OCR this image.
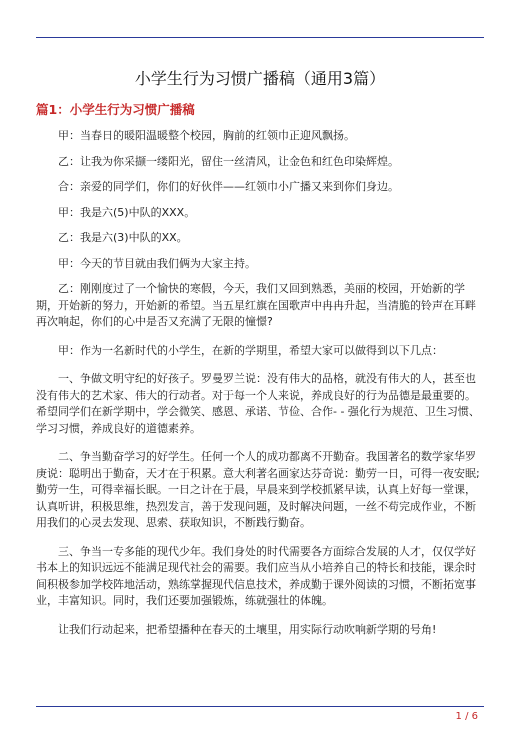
小学生行为习惯广播稿（通用3篇）
篇1：小学生行为习惯广播稿

甲：当春日的暖阳温暖整个校园，胸前的红领巾正迎风飘扬。

乙：让我为你采撷一缕阳光，留住一丝清风，让金色和红色印染辉煌。

合：亲爱的同学们，你们的好伙伴——红领巾小广播又来到你们身边。

甲：我是六(5)中队的XXX。

乙：我是六(3)中队的XX。

甲：今天的节目就由我们俩为大家主持。

乙：刚刚度过了一个愉快的寒假，今天，我们又回到熟悉，美丽的校园，开始新的学期，开始新的努力，开始新的希望。当五星红旗在国歌声中冉冉升起，当清脆的铃声在耳畔再次响起，你们的心中是否又充满了无限的憧憬?

甲：作为一名新时代的小学生，在新的学期里，希望大家可以做得到以下几点：

一、争做文明守纪的好孩子。罗曼罗兰说：没有伟大的品格，就没有伟大的人，甚至也没有伟大的艺术家、伟大的行动者。对于每一个人来说，养成良好的行为品德是最重要的。希望同学们在新学期中，学会微笑、感恩、承诺、节俭、合作- - 强化行为规范、卫生习惯、学习习惯，养成良好的道德素养。

二、争当勤奋学习的好学生。任何一个人的成功都离不开勤奋。我国著名的数学家华罗庚说：聪明出于勤奋，天才在于积累。意大利著名画家达芬奇说：勤劳一日，可得一夜安眠;勤劳一生，可得幸福长眠。一日之计在于晨，早晨来到学校抓紧早读，认真上好每一堂课，认真听讲，积极思维，热烈发言，善于发现问题，及时解决问题，一丝不苟完成作业，不断用我们的心灵去发现、思索、获取知识，不断践行勤奋。

三、争当一专多能的现代少年。我们身处的时代需要各方面综合发展的人才，仅仅学好书本上的知识远远不能满足现代社会的需要。我们应当从小培养自己的特长和技能，课余时间积极参加学校阵地活动，熟练掌握现代信息技术，养成勤于课外阅读的习惯，不断拓宽事业，丰富知识。同时，我们还要加强锻炼，练就强壮的体魄。

让我们行动起来，把希望播种在春天的土壤里，用实际行动吹响新学期的号角!

1 / 6
